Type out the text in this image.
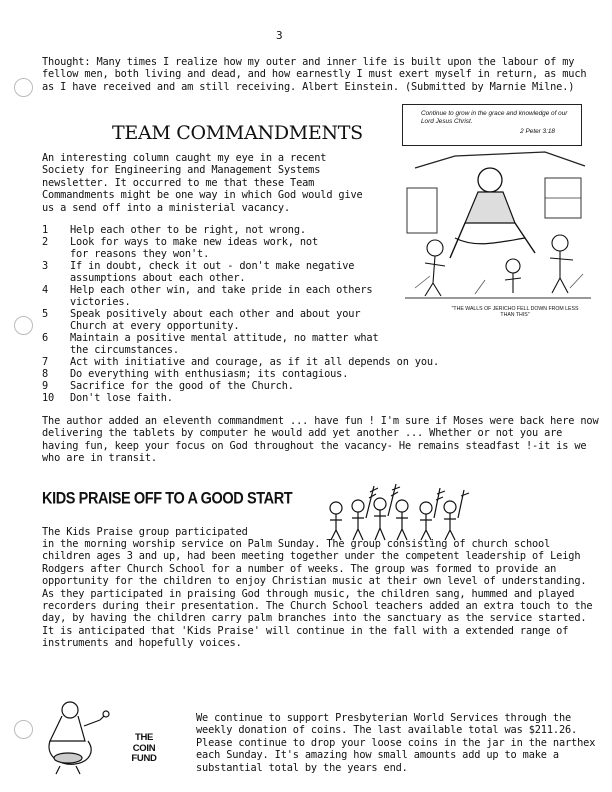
3
Thought: Many times I realize how my outer and inner life is built upon the labour of my fellow men, both living and dead, and how earnestly I must exert myself in return, as much as I have received and am still receiving. Albert Einstein. (Submitted by Marnie Milne.)
Continue to grow in the grace and knowledge of our Lord Jesus Christ.
2 Peter 3:18
TEAM COMMANDMENTS
An interesting column caught my eye in a recent Society for Engineering and Management Systems newsletter. It occurred to me that these Team Commandments might be one way in which God would give us a send off into a ministerial vacancy.
"THE WALLS OF JERICHO FELL DOWN FROM LESS THAN THIS"
1 Help each other to be right, not wrong.
2 Look for ways to make new ideas work, not for reasons they won't.
3 If in doubt, check it out - don't make negative assumptions about each other.
4 Help each other win, and take pride in each others victories.
5 Speak positively about each other and about your Church at every opportunity.
6 Maintain a positive mental attitude, no matter what the circumstances.
7 Act with initiative and courage, as if it all depends on you.
8 Do everything with enthusiasm; its contagious.
9 Sacrifice for the good of the Church.
10 Don't lose faith.
The author added an eleventh commandment ... have fun ! I'm sure if Moses were back here now delivering the tablets by computer he would add yet another ... Whether or not you are having fun, keep your focus on God throughout the vacancy- He remains steadfast !-it is we who are in transit.
KIDS PRAISE OFF TO A GOOD START
The Kids Praise group participated
in the morning worship service on Palm Sunday. The group consisting of church school children ages 3 and up, had been meeting together under the competent leadership of Leigh Rodgers after Church School for a number of weeks. The group was formed to provide an opportunity for the children to enjoy Christian music at their own level of understanding. As they participated in praising God through music, the children sang, hummed and played recorders during their presentation. The Church School teachers added an extra touch to the day, by having the children carry palm branches into the sanctuary as the service started. It is anticipated that 'Kids Praise' will continue in the fall with a extended range of instruments and hopefully voices.
THE
COIN
FUND
We continue to support Presbyterian World Services through the weekly donation of coins. The last available total was $211.26. Please continue to drop your loose coins in the jar in the narthex each Sunday. It's amazing how small amounts add up to make a substantial total by the years end.
